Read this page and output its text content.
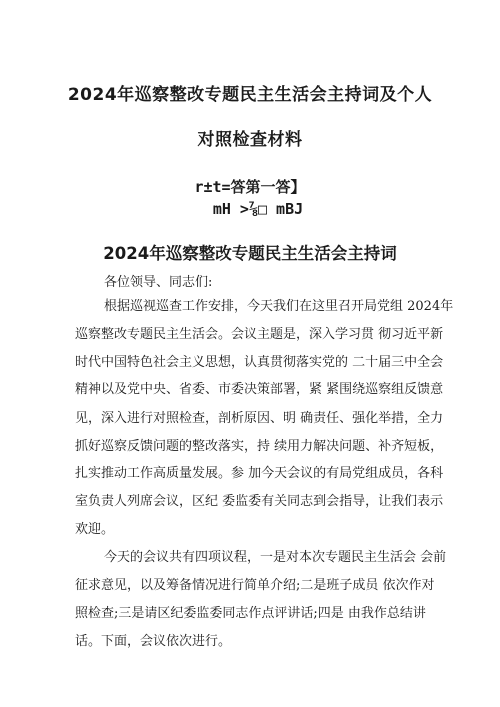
2024年巡察整改专题民主生活会主持词及个人
对照检查材料
r±t=答第一答】
mH >⅞□ mBJ
2024年巡察整改专题民主生活会主持词
各位领导、同志们:
根据巡视巡查工作安排，今天我们在这里召开局党组 2024年
巡察整改专题民主生活会。会议主题是，深入学习贯 彻习近平新
时代中国特色社会主义思想，认真贯彻落实党的 二十届三中全会
精神以及党中央、省委、市委决策部署，紧 紧围绕巡察组反馈意
见，深入进行对照检查，剖析原因、明 确责任、强化举措，全力
抓好巡察反馈问题的整改落实，持 续用力解决问题、补齐短板，
扎实推动工作高质量发展。参 加今天会议的有局党组成员，各科
室负责人列席会议，区纪 委监委有关同志到会指导，让我们表示
欢迎。
今天的会议共有四项议程，一是对本次专题民主生活会 会前
征求意见，以及筹备情况进行简单介绍;二是班子成员 依次作对
照检查;三是请区纪委监委同志作点评讲话;四是 由我作总结讲
话。下面，会议依次进行。
